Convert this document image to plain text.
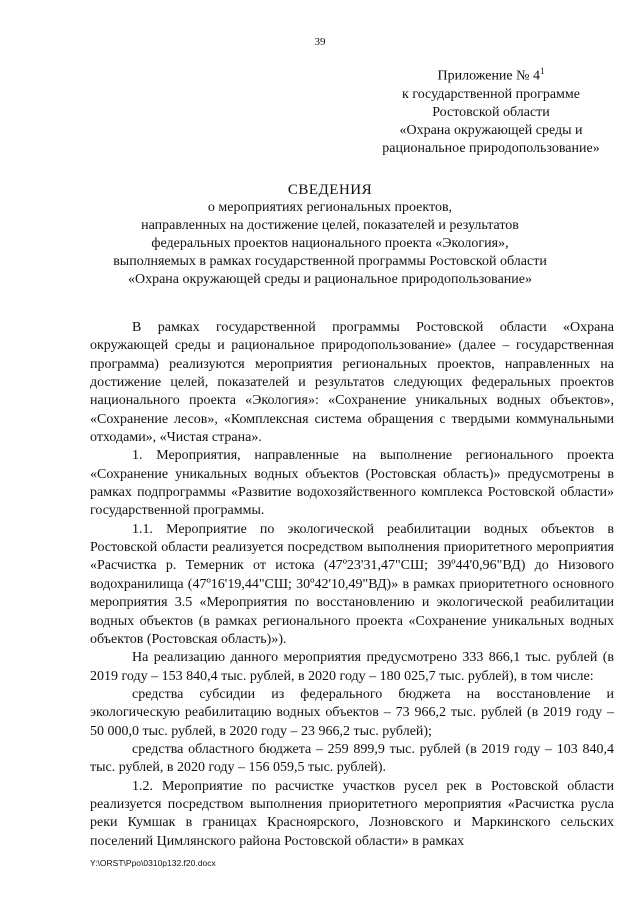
39
Приложение № $4^1$
к государственной программе
Ростовской области
«Охрана окружающей среды и
рациональное природопользование»
СВЕДЕНИЯ
о мероприятиях региональных проектов,
направленных на достижение целей, показателей и результатов
федеральных проектов национального проекта «Экология»,
выполняемых в рамках государственной программы Ростовской области
«Охрана окружающей среды и рациональное природопользование»

В рамках государственной программы Ростовской области «Охрана окружающей среды и рациональное природопользование» (далее – государственная программа) реализуются мероприятия региональных проектов, направленных на достижение целей, показателей и результатов следующих федеральных проектов национального проекта «Экология»: «Сохранение уникальных водных объектов», «Сохранение лесов», «Комплексная система обращения с твердыми коммунальными отходами», «Чистая страна».

1. Мероприятия, направленные на выполнение регионального проекта «Сохранение уникальных водных объектов (Ростовская область)» предусмотрены в рамках подпрограммы «Развитие водохозяйственного комплекса Ростовской области» государственной программы.

1.1. Мероприятие по экологической реабилитации водных объектов в Ростовской области реализуется посредством выполнения приоритетного мероприятия «Расчистка р. Темерник от истока (47º23'31,47"СШ; 39º44'0,96"ВД) до Низового водохранилища (47º16'19,44"СШ; 30º42'10,49"ВД)» в рамках приоритетного основного мероприятия 3.5 «Мероприятия по восстановлению и экологической реабилитации водных объектов (в рамках регионального проекта «Сохранение уникальных водных объектов (Ростовская область)»).

На реализацию данного мероприятия предусмотрено 333 866,1 тыс. рублей (в 2019 году – 153 840,4 тыс. рублей, в 2020 году – 180 025,7 тыс. рублей), в том числе:

средства субсидии из федерального бюджета на восстановление и экологическую реабилитацию водных объектов – 73 966,2 тыс. рублей (в 2019 году – 50 000,0 тыс. рублей, в 2020 году – 23 966,2 тыс. рублей);

средства областного бюджета – 259 899,9 тыс. рублей (в 2019 году – 103 840,4 тыс. рублей, в 2020 году – 156 059,5 тыс. рублей).

1.2. Мероприятие по расчистке участков русел рек в Ростовской области реализуется посредством выполнения приоритетного мероприятия «Расчистка русла реки Кумшак в границах Красноярского, Лозновского и Маркинского сельских поселений Цимлянского района Ростовской области» в рамках

Y:\ORST\Ppo\0310p132.f20.docx
